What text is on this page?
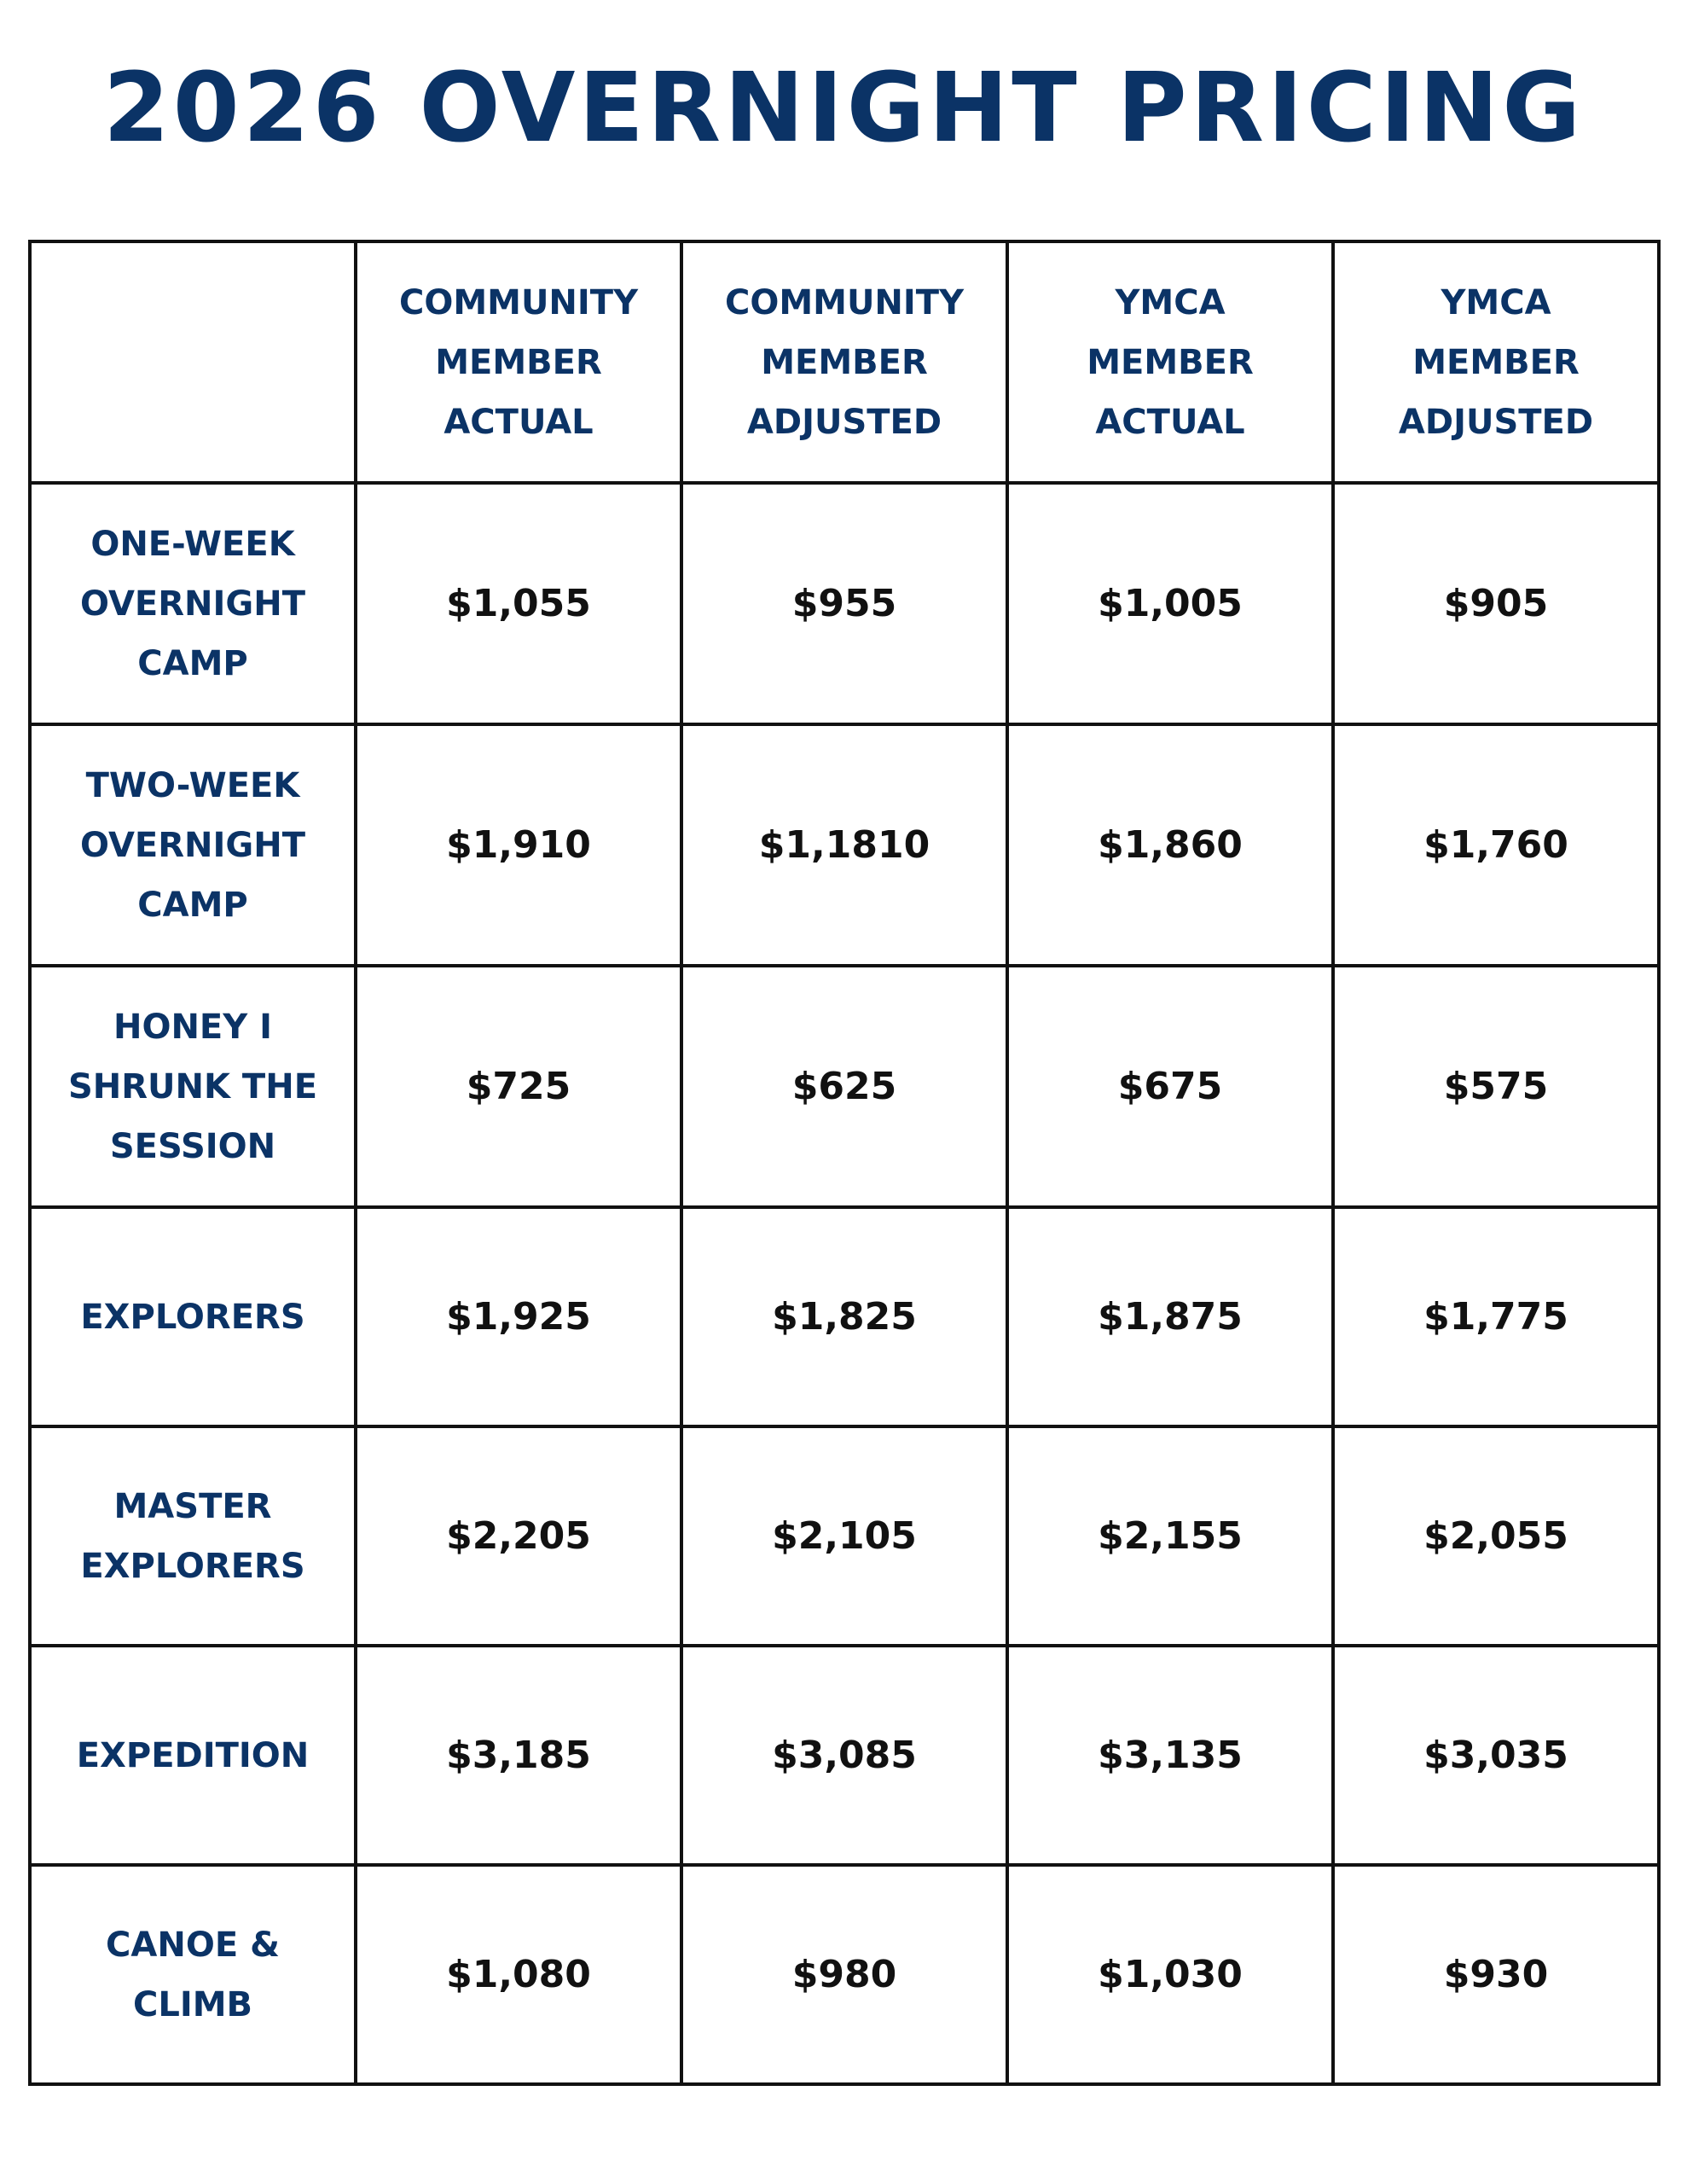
2026 OVERNIGHT PRICING
	COMMUNITY
MEMBER
ACTUAL	COMMUNITY
MEMBER
ADJUSTED	YMCA
MEMBER
ACTUAL	YMCA
MEMBER
ADJUSTED
ONE-WEEK
OVERNIGHT
CAMP	$1,055	$955	$1,005	$905
TWO-WEEK
OVERNIGHT
CAMP	$1,910	$1,1810	$1,860	$1,760
HONEY I
SHRUNK THE
SESSION	$725	$625	$675	$575
EXPLORERS	$1,925	$1,825	$1,875	$1,775
MASTER
EXPLORERS	$2,205	$2,105	$2,155	$2,055
EXPEDITION	$3,185	$3,085	$3,135	$3,035
CANOE &
CLIMB	$1,080	$980	$1,030	$930
